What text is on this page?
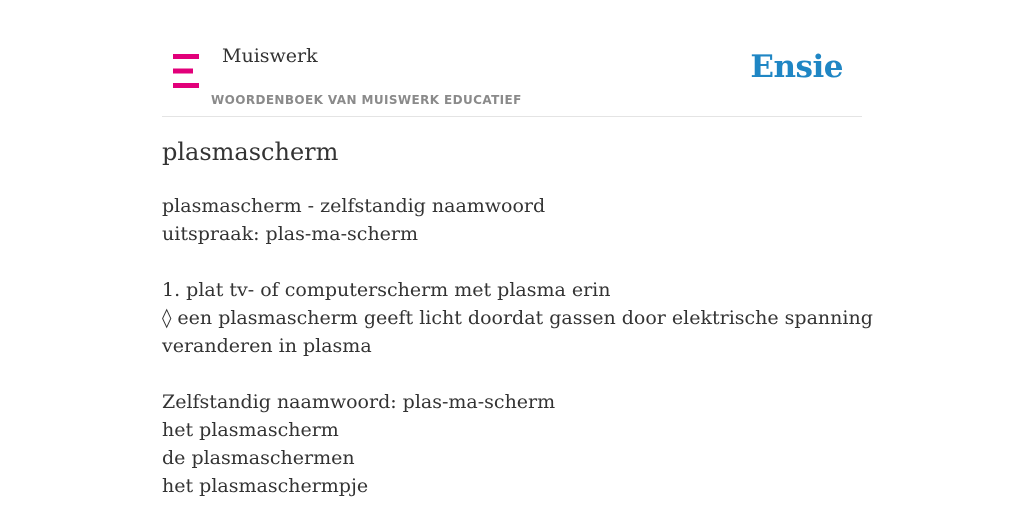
Muiswerk
WOORDENBOEK VAN MUISWERK EDUCATIEF
Ensie
plasmascherm
plasmascherm - zelfstandig naamwoord
uitspraak: plas-ma-scherm
1. plat tv- of computerscherm met plasma erin
◊ een plasmascherm geeft licht doordat gassen door elektrische spanning
veranderen in plasma
Zelfstandig naamwoord: plas-ma-scherm
het plasmascherm
de plasmaschermen
het plasmaschermpje
